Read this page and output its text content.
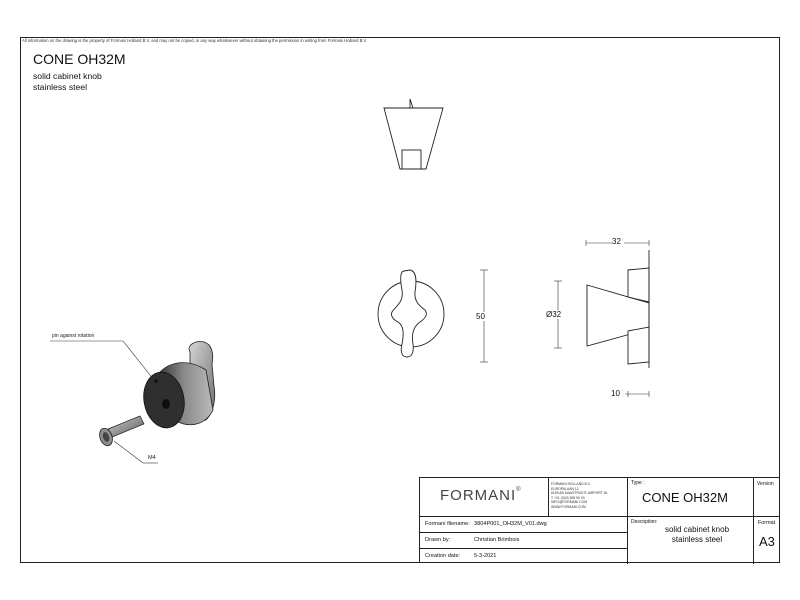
All information on the drawing is the property of Formani Holland B.V. and may not be copied, in any way whatsoever without obtaining the permission in writing from Formani Holland B.V.
CONE OH32M
solid cabinet knob
stainless steel
pin against rotation
M4
32
50	Ø32
10
FORMANI®
FORMANI HOLLAND B.V.
EUROPALAAN 12
6199 AB MAASTRICHT-AIRPORT NL
T +31 (0)43 308 90 00
INFO@FORMANI.COM
WWW.FORMANI.COM
Formani filename: 3804P001_OH32M_V01.dwg
Drawn by:	Christian Brimbois
Creation date: 5-3-2021
Type :
CONE OH32M
Version
Description:
solid cabinet knob
stainless steel
Format
A3
